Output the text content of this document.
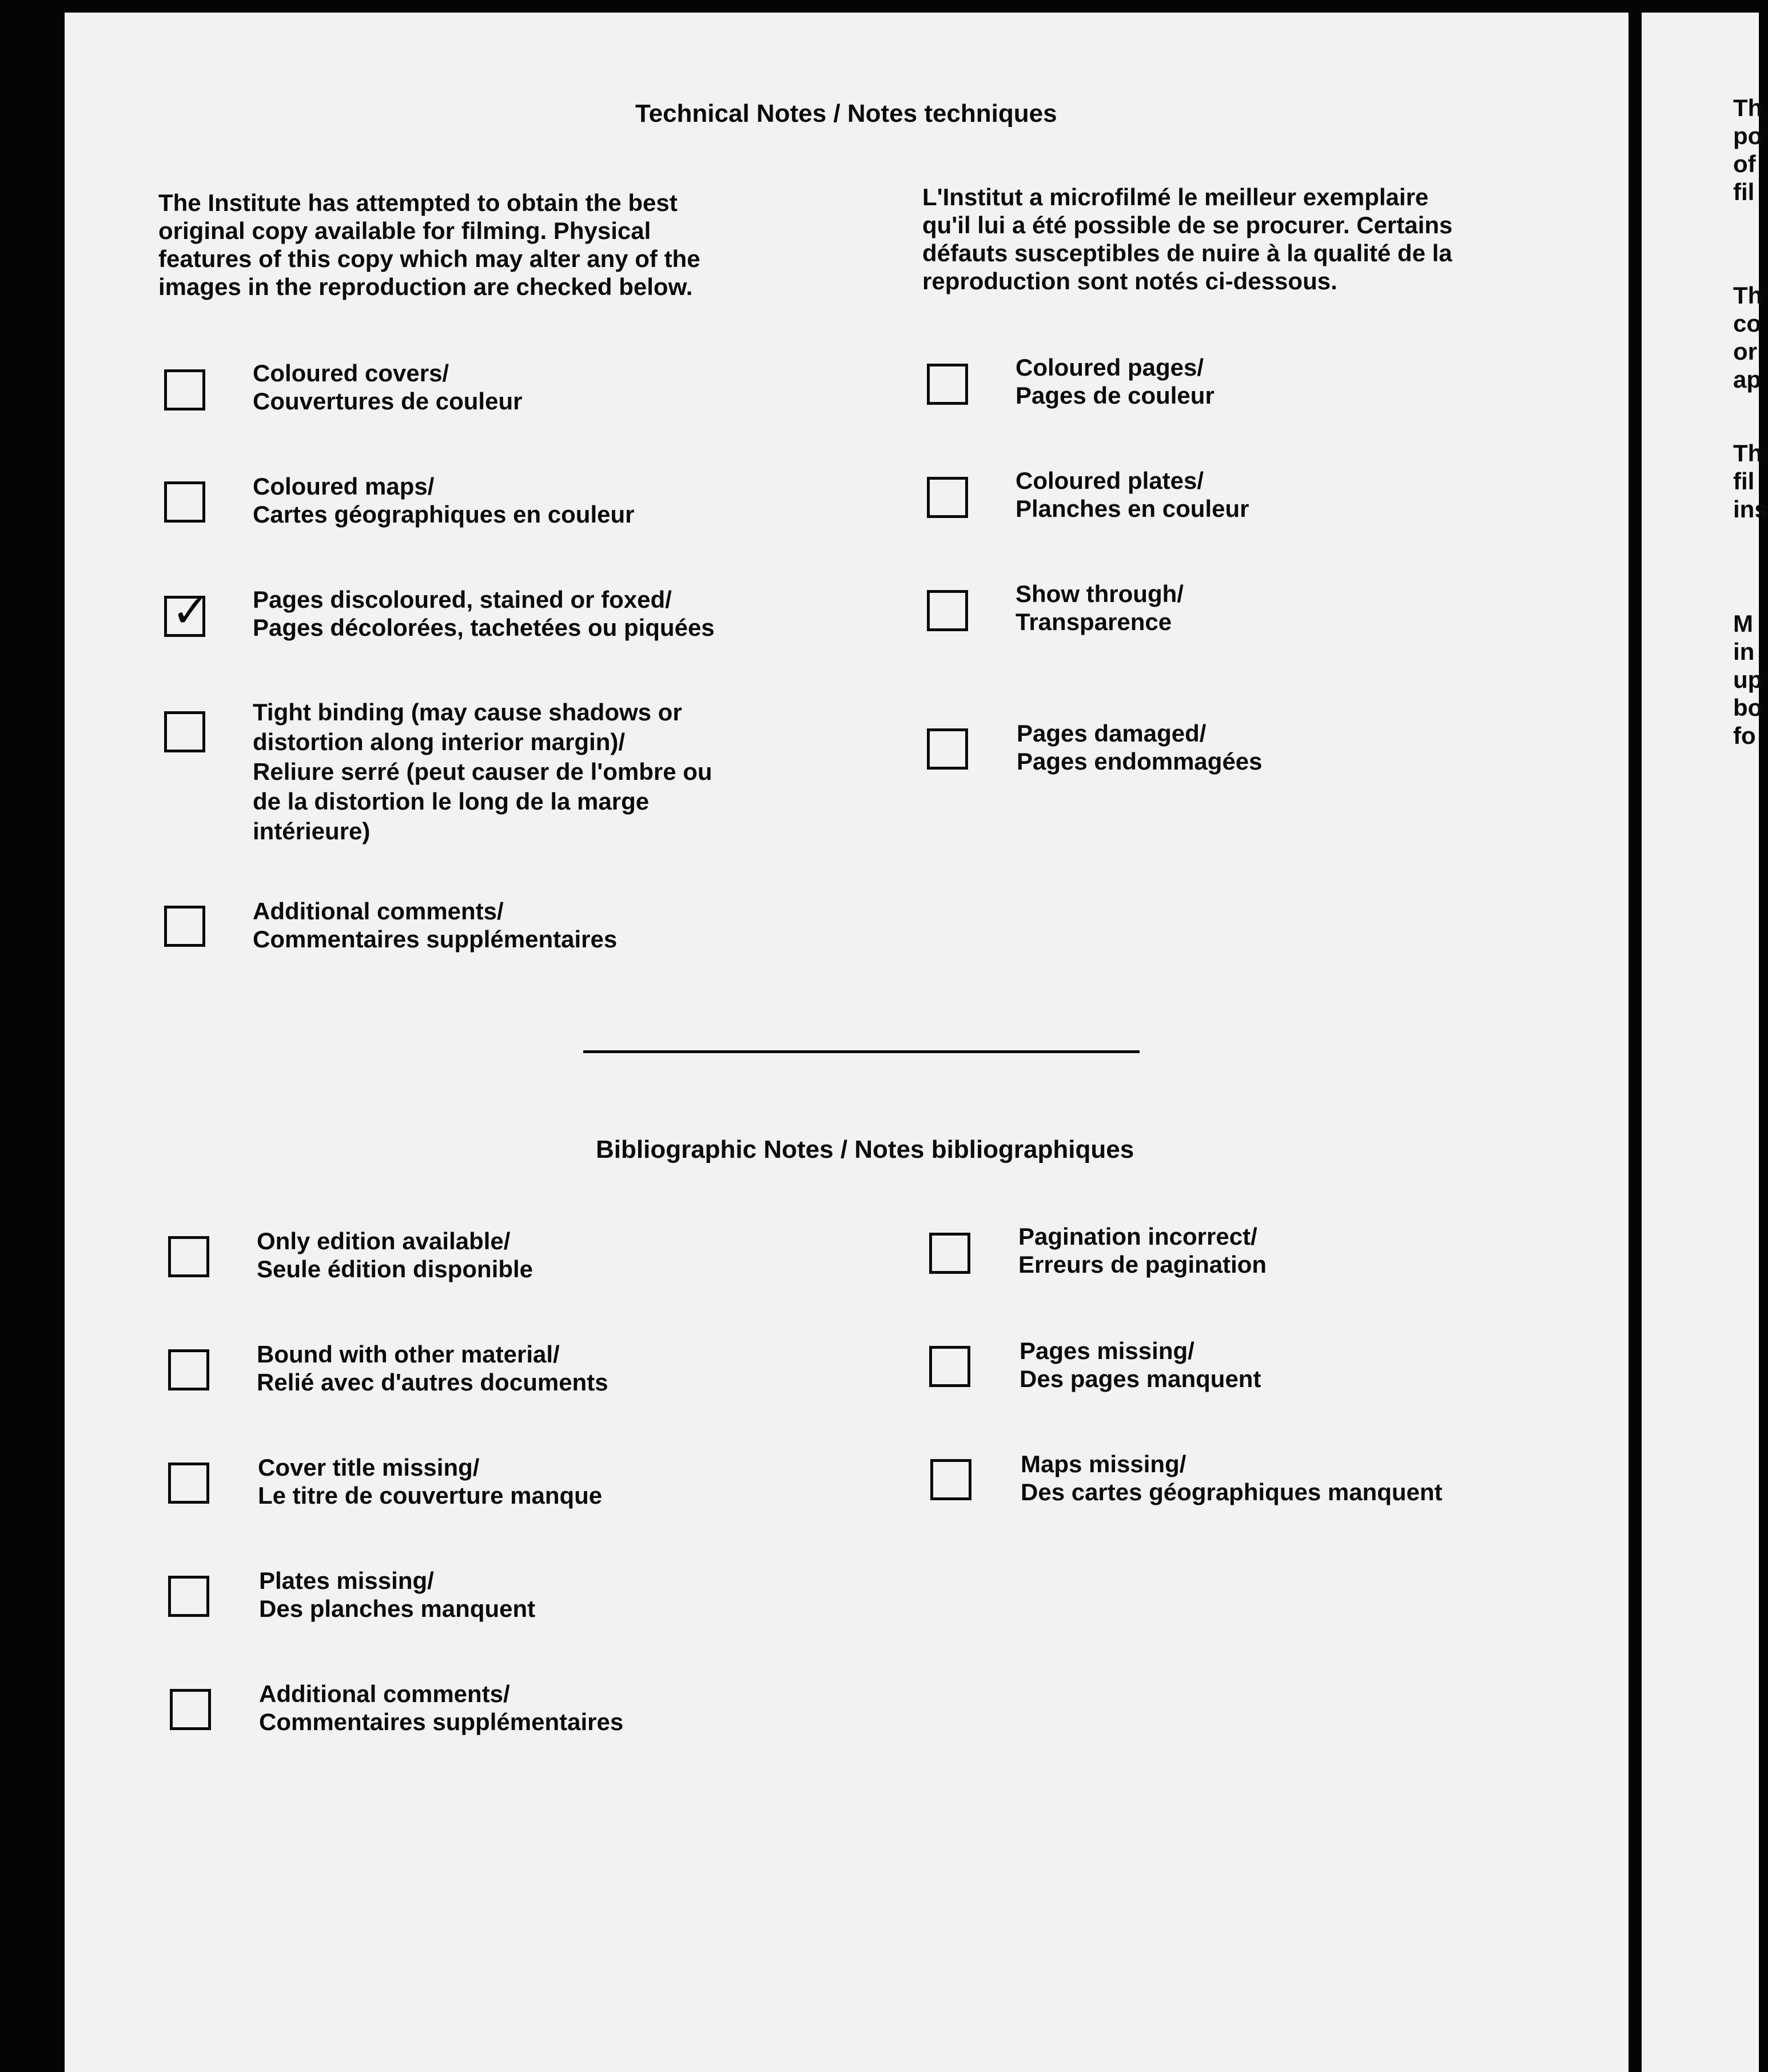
Technical Notes / Notes techniques
The Institute has attempted to obtain the best
original copy available for filming. Physical
features of this copy which may alter any of the
images in the reproduction are checked below.
L'Institut a microfilmé le meilleur exemplaire
qu'il lui a été possible de se procurer. Certains
défauts susceptibles de nuire à la qualité de la
reproduction sont notés ci-dessous.
Coloured covers/
Couvertures de couleur
Coloured maps/
Cartes géographiques en couleur
✓ Pages discoloured, stained or foxed/
Pages décolorées, tachetées ou piquées
Tight binding (may cause shadows or
distortion along interior margin)/
Reliure serré (peut causer de l'ombre ou
de la distortion le long de la marge
intérieure)
Additional comments/
Commentaires supplémentaires
Coloured pages/
Pages de couleur
Coloured plates/
Planches en couleur
Show through/
Transparence
Pages damaged/
Pages endommagées
Bibliographic Notes / Notes bibliographiques
Only edition available/
Seule édition disponible
Bound with other material/
Relié avec d'autres documents
Cover title missing/
Le titre de couverture manque
Plates missing/
Des planches manquent
Additional comments/
Commentaires supplémentaires
Pagination incorrect/
Erreurs de pagination
Pages missing/
Des pages manquent
Maps missing/
Des cartes géographiques manquent
Th
po
of
fil
Th
co
or
ap
Th
fil
ins
M
in
up
bo
fo
